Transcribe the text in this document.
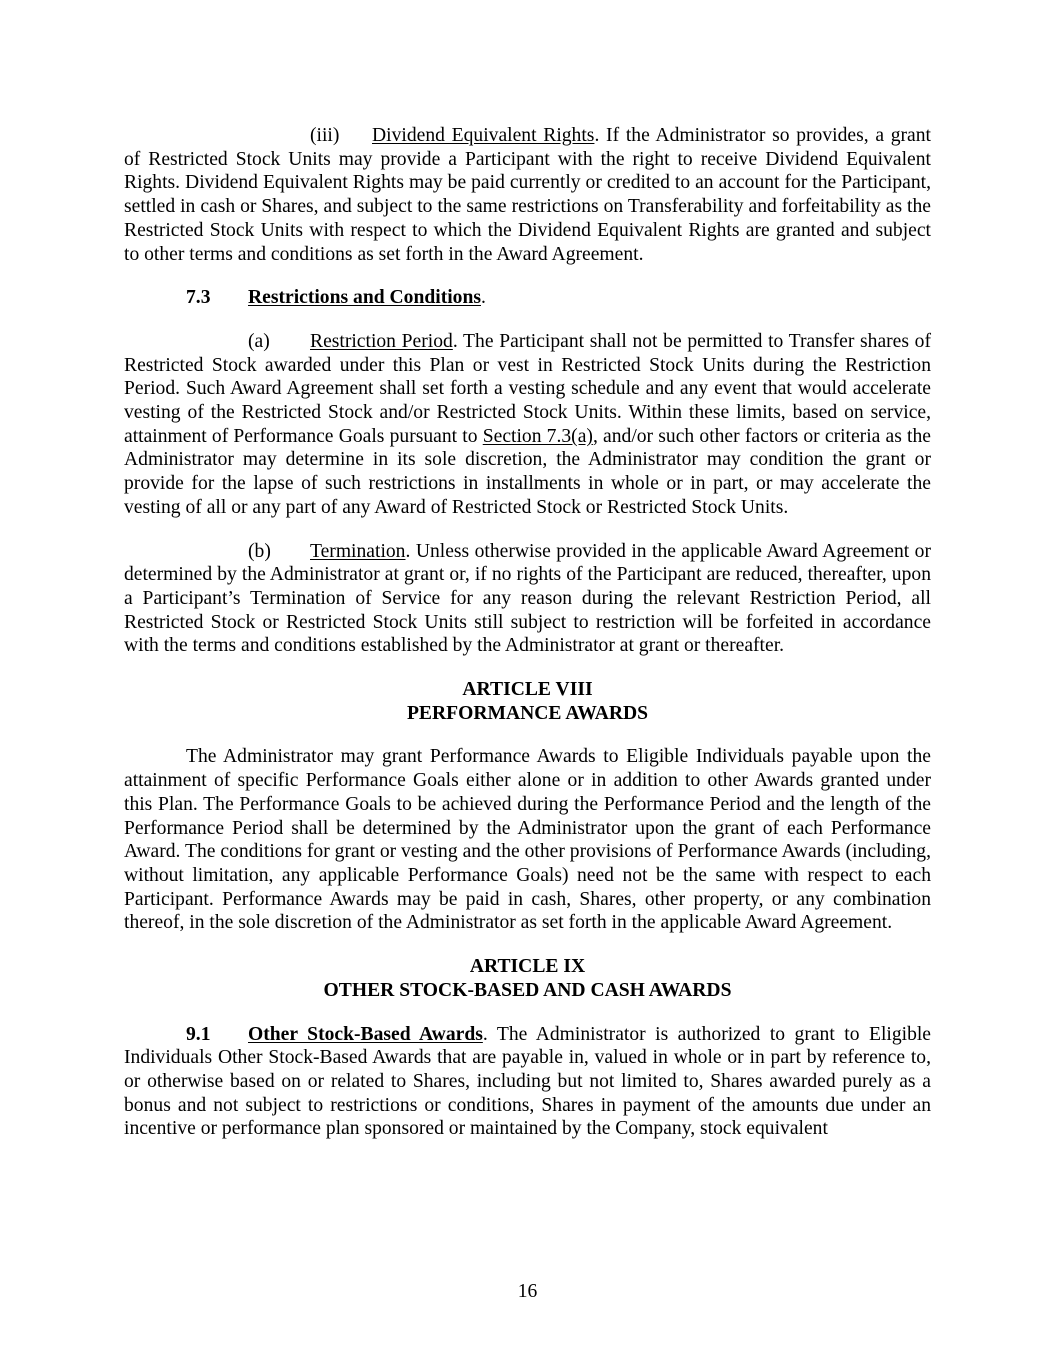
(iii) Dividend Equivalent Rights. If the Administrator so provides, a grant of Restricted Stock Units may provide a Participant with the right to receive Dividend Equivalent Rights. Dividend Equivalent Rights may be paid currently or credited to an account for the Participant, settled in cash or Shares, and subject to the same restrictions on Transferability and forfeitability as the Restricted Stock Units with respect to which the Dividend Equivalent Rights are granted and subject to other terms and conditions as set forth in the Award Agreement.

7.3 Restrictions and Conditions.

(a) Restriction Period. The Participant shall not be permitted to Transfer shares of Restricted Stock awarded under this Plan or vest in Restricted Stock Units during the Restriction Period. Such Award Agreement shall set forth a vesting schedule and any event that would accelerate vesting of the Restricted Stock and/or Restricted Stock Units. Within these limits, based on service, attainment of Performance Goals pursuant to Section 7.3(a), and/or such other factors or criteria as the Administrator may determine in its sole discretion, the Administrator may condition the grant or provide for the lapse of such restrictions in installments in whole or in part, or may accelerate the vesting of all or any part of any Award of Restricted Stock or Restricted Stock Units.

(b) Termination. Unless otherwise provided in the applicable Award Agreement or determined by the Administrator at grant or, if no rights of the Participant are reduced, thereafter, upon a Participant’s Termination of Service for any reason during the relevant Restriction Period, all Restricted Stock or Restricted Stock Units still subject to restriction will be forfeited in accordance with the terms and conditions established by the Administrator at grant or thereafter.

ARTICLE VIII
PERFORMANCE AWARDS

The Administrator may grant Performance Awards to Eligible Individuals payable upon the attainment of specific Performance Goals either alone or in addition to other Awards granted under this Plan. The Performance Goals to be achieved during the Performance Period and the length of the Performance Period shall be determined by the Administrator upon the grant of each Performance Award. The conditions for grant or vesting and the other provisions of Performance Awards (including, without limitation, any applicable Performance Goals) need not be the same with respect to each Participant. Performance Awards may be paid in cash, Shares, other property, or any combination thereof, in the sole discretion of the Administrator as set forth in the applicable Award Agreement.

ARTICLE IX
OTHER STOCK-BASED AND CASH AWARDS

9.1 Other Stock-Based Awards. The Administrator is authorized to grant to Eligible Individuals Other Stock-Based Awards that are payable in, valued in whole or in part by reference to, or otherwise based on or related to Shares, including but not limited to, Shares awarded purely as a bonus and not subject to restrictions or conditions, Shares in payment of the amounts due under an incentive or performance plan sponsored or maintained by the Company, stock equivalent

16
